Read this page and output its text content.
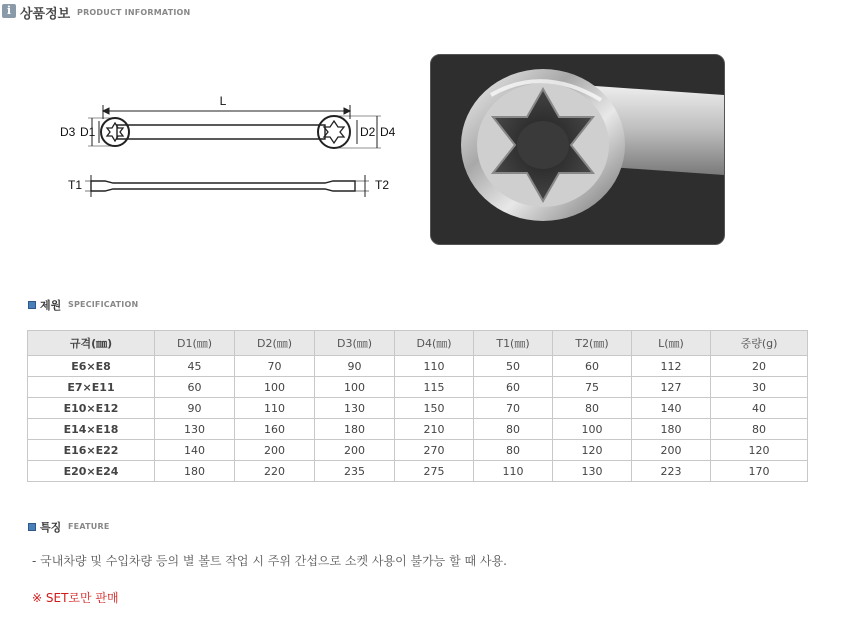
i 상품정보 PRODUCT INFORMATION
L
D3 D1	D2 D4
T1	T2
제원 SPECIFICATION
규격(㎜)	D1(㎜)	D2(㎜)	D3(㎜)	D4(㎜)	T1(㎜)	T2(㎜)	L(㎜)	중량(g)
E6×E8	45	70	90	110	50	60	112	20
E7×E11	60	100	100	115	60	75	127	30
E10×E12	90	110	130	150	70	80	140	40
E14×E18	130	160	180	210	80	100	180	80
E16×E22	140	200	200	270	80	120	200	120
E20×E24	180	220	235	275	110	130	223	170
특징 FEATURE
- 국내차량 및 수입차량 등의 별 볼트 작업 시 주위 간섭으로 소켓 사용이 불가능 할 때 사용.
※ SET로만 판매
